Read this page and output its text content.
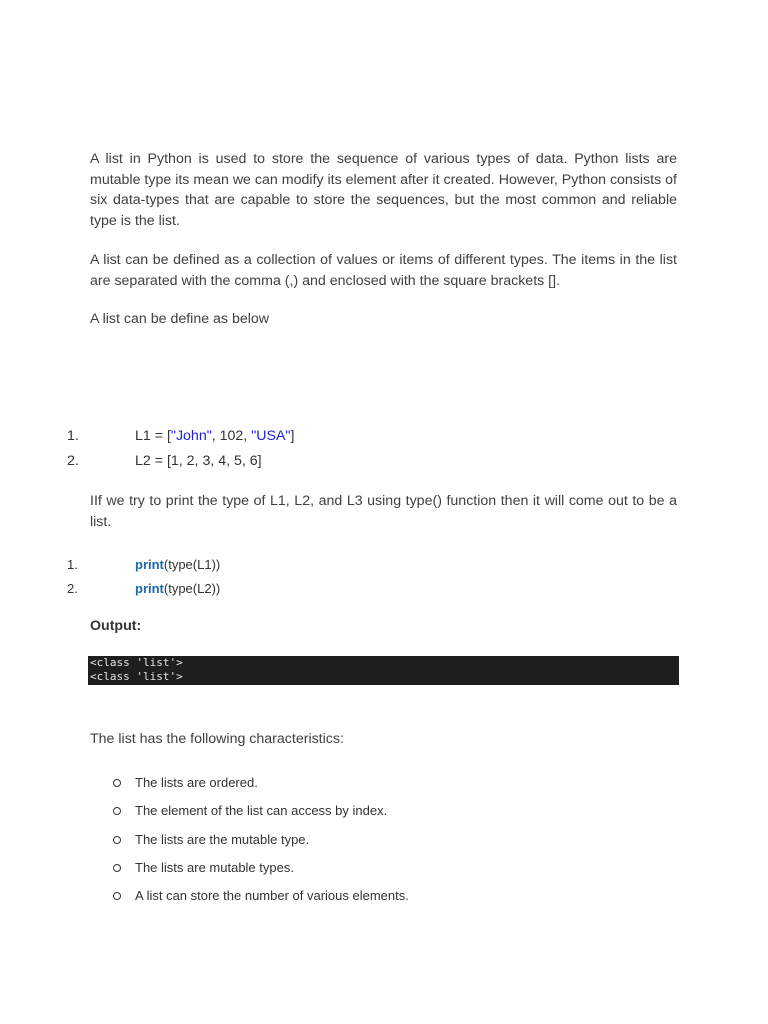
A list in Python is used to store the sequence of various types of data. Python lists are mutable type its mean we can modify its element after it created. However, Python consists of six data-types that are capable to store the sequences, but the most common and reliable type is the list.

A list can be defined as a collection of values or items of different types. The items in the list are separated with the comma (,) and enclosed with the square brackets [].

A list can be define as below

1.	L1 = ["John", 102, "USA"]
2.	L2 = [1, 2, 3, 4, 5, 6]

IIf we try to print the type of L1, L2, and L3 using type() function then it will come out to be a list.

1.	print(type(L1))
2.	print(type(L2))

Output:

<class 'list'>
<class 'list'>

The list has the following characteristics:

The lists are ordered.
The element of the list can access by index.
The lists are the mutable type.
The lists are mutable types.
A list can store the number of various elements.
